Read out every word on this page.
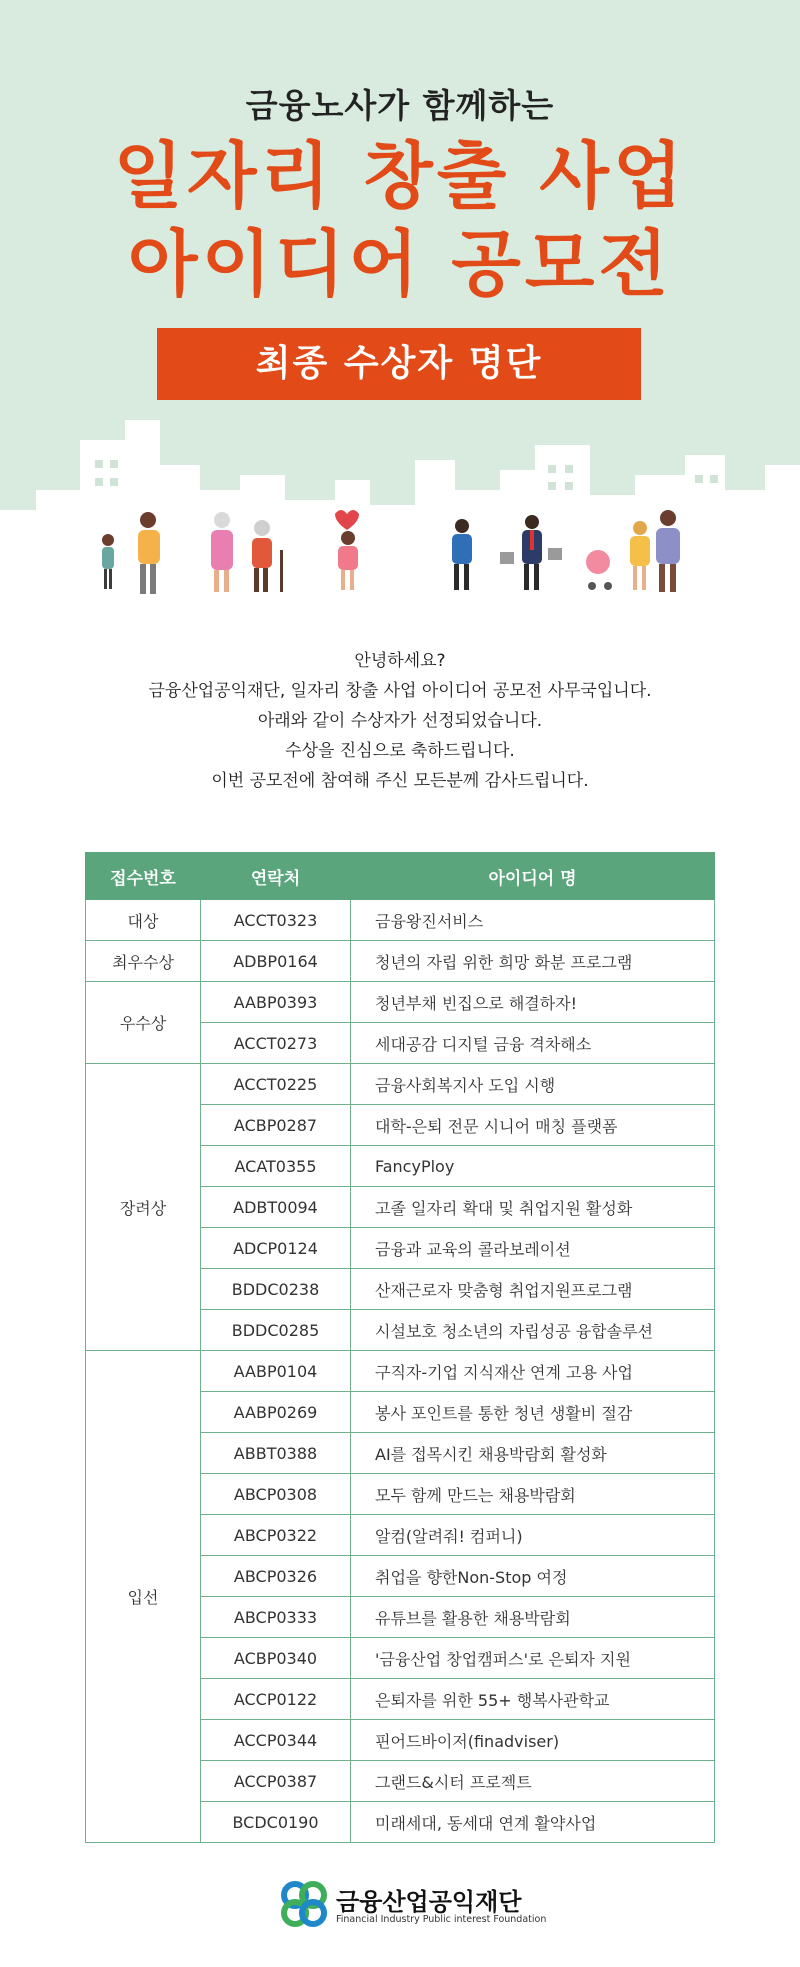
금융노사가 함께하는
일자리 창출 사업
아이디어 공모전
최종 수상자 명단
안녕하세요?
금융산업공익재단, 일자리 창출 사업 아이디어 공모전 사무국입니다.
아래와 같이 수상자가 선정되었습니다.
수상을 진심으로 축하드립니다.
이번 공모전에 참여해 주신 모든분께 감사드립니다.
접수번호	연락처	아이디어 명
대상	ACCT0323	금융왕진서비스
최우수상	ADBP0164	청년의 자립 위한 희망 화분 프로그램
우수상	AABP0393	청년부채 빈집으로 해결하자!
	ACCT0273	세대공감 디지털 금융 격차해소
장려상	ACCT0225	금융사회복지사 도입 시행
	ACBP0287	대학-은퇴 전문 시니어 매칭 플랫폼
	ACAT0355	FancyPloy
	ADBT0094	고졸 일자리 확대 및 취업지원 활성화
	ADCP0124	금융과 교육의 콜라보레이션
	BDDC0238	산재근로자 맞춤형 취업지원프로그램
	BDDC0285	시설보호 청소년의 자립성공 융합솔루션
입선	AABP0104	구직자-기업 지식재산 연계 고용 사업
	AABP0269	봉사 포인트를 통한 청년 생활비 절감
	ABBT0388	AI를 접목시킨 채용박람회 활성화
	ABCP0308	모두 함께 만드는 채용박람회
	ABCP0322	알컴(알려줘! 컴퍼니)
	ABCP0326	취업을 향한Non-Stop 여정
	ABCP0333	유튜브를 활용한 채용박람회
	ACBP0340	'금융산업 창업캠퍼스'로 은퇴자 지원
	ACCP0122	은퇴자를 위한 55+ 행복사관학교
	ACCP0344	핀어드바이저(finadviser)
	ACCP0387	그랜드&시터 프로젝트
	BCDC0190	미래세대, 동세대 연계 활약사업
금융산업공익재단
Financial Industry Public interest Foundation
